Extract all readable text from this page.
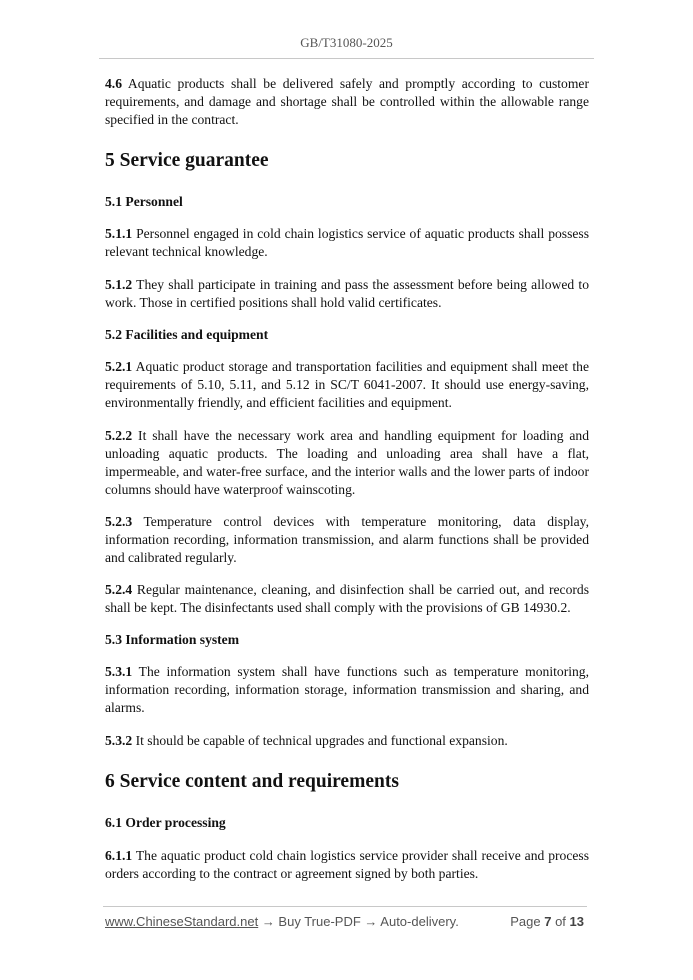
GB/T31080-2025

4.6 Aquatic products shall be delivered safely and promptly according to customer requirements, and damage and shortage shall be controlled within the allowable range specified in the contract.

5 Service guarantee
5.1 Personnel

5.1.1 Personnel engaged in cold chain logistics service of aquatic products shall possess relevant technical knowledge.

5.1.2 They shall participate in training and pass the assessment before being allowed to work. Those in certified positions shall hold valid certificates.

5.2 Facilities and equipment

5.2.1 Aquatic product storage and transportation facilities and equipment shall meet the requirements of 5.10, 5.11, and 5.12 in SC/T 6041-2007. It should use energy-saving, environmentally friendly, and efficient facilities and equipment.

5.2.2 It shall have the necessary work area and handling equipment for loading and unloading aquatic products. The loading and unloading area shall have a flat, impermeable, and water-free surface, and the interior walls and the lower parts of indoor columns should have waterproof wainscoting.

5.2.3 Temperature control devices with temperature monitoring, data display, information recording, information transmission, and alarm functions shall be provided and calibrated regularly.

5.2.4 Regular maintenance, cleaning, and disinfection shall be carried out, and records shall be kept. The disinfectants used shall comply with the provisions of GB 14930.2.

5.3 Information system

5.3.1 The information system shall have functions such as temperature monitoring, information recording, information storage, information transmission and sharing, and alarms.

5.3.2 It should be capable of technical upgrades and functional expansion.

6 Service content and requirements
6.1 Order processing

6.1.1 The aquatic product cold chain logistics service provider shall receive and process orders according to the contract or agreement signed by both parties.

www.ChineseStandard.net → Buy True-PDF → Auto-delivery.	Page 7 of 13
